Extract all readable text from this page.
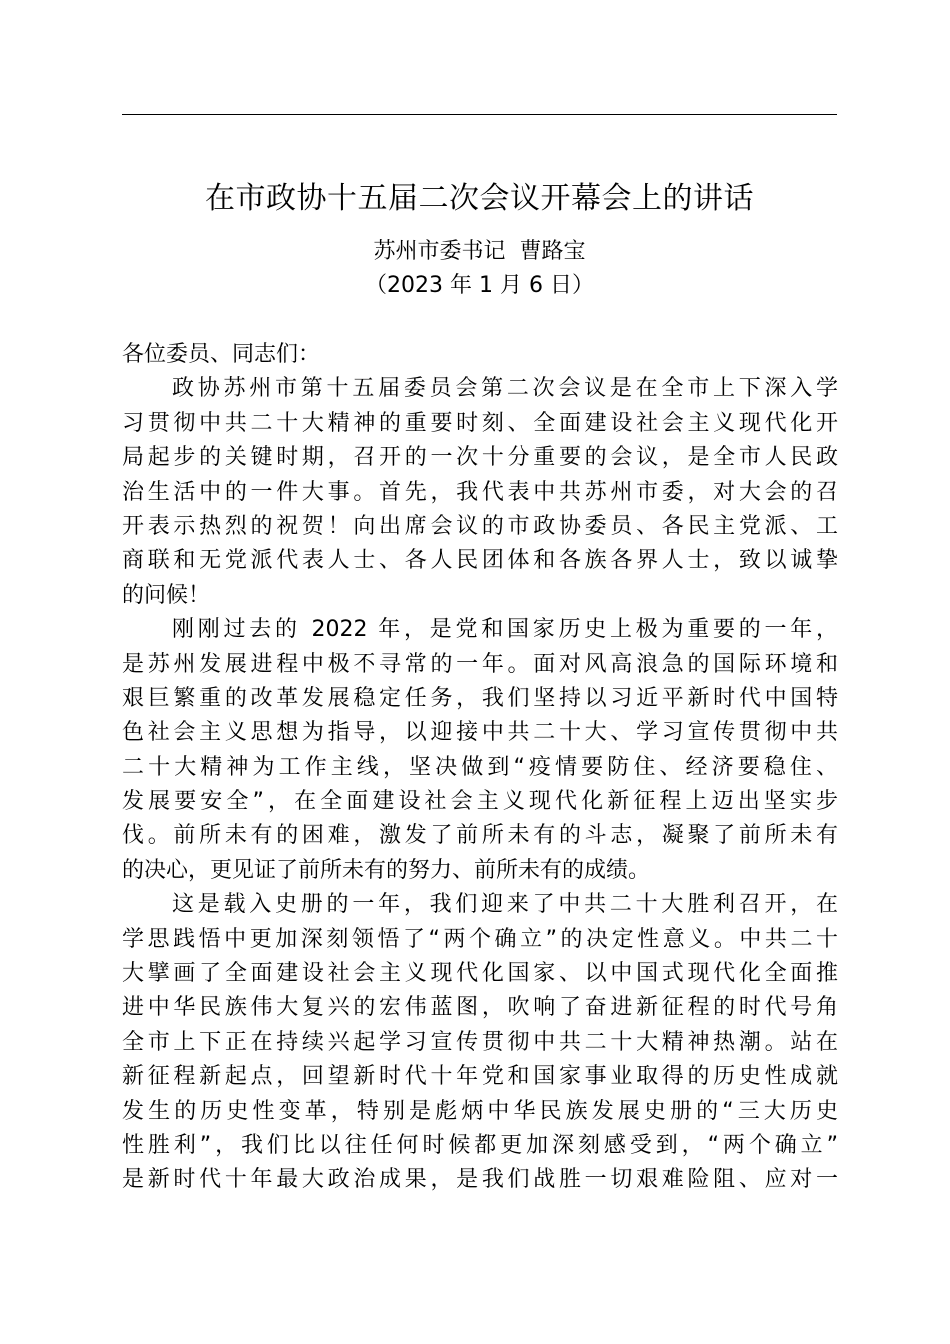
在市政协十五届二次会议开幕会上的讲话
苏州市委书记  曹路宝
（2023 年 1 月 6 日）
各位委员、同志们：
政协苏州市第十五届委员会第二次会议是在全市上下深入学
习贯彻中共二十大精神的重要时刻、全面建设社会主义现代化开
局起步的关键时期，召开的一次十分重要的会议，是全市人民政
治生活中的一件大事。首先，我代表中共苏州市委，对大会的召
开表示热烈的祝贺！向出席会议的市政协委员、各民主党派、工
商联和无党派代表人士、各人民团体和各族各界人士，致以诚挚
的问候！
刚刚过去的 2022 年，是党和国家历史上极为重要的一年，
是苏州发展进程中极不寻常的一年。面对风高浪急的国际环境和
艰巨繁重的改革发展稳定任务，我们坚持以习近平新时代中国特
色社会主义思想为指导，以迎接中共二十大、学习宣传贯彻中共
二十大精神为工作主线，坚决做到“疫情要防住、经济要稳住、
发展要安全”，在全面建设社会主义现代化新征程上迈出坚实步
伐。前所未有的困难，激发了前所未有的斗志，凝聚了前所未有
的决心，更见证了前所未有的努力、前所未有的成绩。
这是载入史册的一年，我们迎来了中共二十大胜利召开，在
学思践悟中更加深刻领悟了“两个确立”的决定性意义。中共二十
大擘画了全面建设社会主义现代化国家、以中国式现代化全面推
进中华民族伟大复兴的宏伟蓝图，吹响了奋进新征程的时代号角
全市上下正在持续兴起学习宣传贯彻中共二十大精神热潮。站在
新征程新起点，回望新时代十年党和国家事业取得的历史性成就
发生的历史性变革，特别是彪炳中华民族发展史册的“三大历史
性胜利”，我们比以往任何时候都更加深刻感受到，“两个确立”
是新时代十年最大政治成果，是我们战胜一切艰难险阻、应对一
